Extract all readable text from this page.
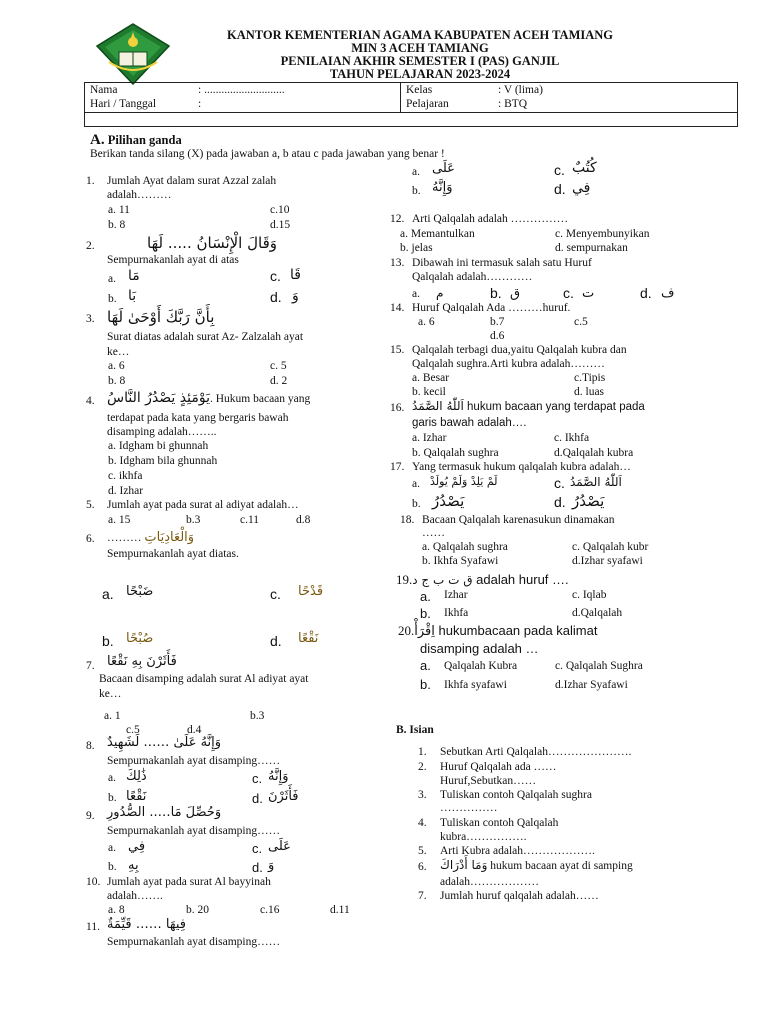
KANTOR KEMENTERIAN AGAMA KABUPATEN ACEH TAMIANG
MIN 3 ACEH TAMIANG
PENILAIAN AKHIR SEMESTER I (PAS) GANJIL
TAHUN PELAJARAN 2023-2024
Nama	: ............................
Hari / Tanggal	:
Kelas	: V (lima)
Pelajaran	: BTQ
A. Pilihan ganda
Berikan tanda silang (X) pada jawaban a, b atau c pada jawaban yang benar !
1. Jumlah Ayat dalam surat Azzal zalah
adalah………
a. 11	c.10
b. 8	d.15
2.	وَقَالَ الْإِنْسَانُ ..... لَهَا
Sempurnakanlah ayat di atas
a. مَا	c. قَا
b. بَا	d. وَ
3. بِأَنَّ رَبَّكَ أَوْحَىٰ لَهَا
Surat diatas adalah surat Az- Zalzalah ayat
ke…
a. 6	c. 5
b. 8	d. 2
4. يَوْمَئِذٍ يَصْدُرُ النَّاسُ. Hukum bacaan yang
terdapat pada kata yang bergaris bawah
disamping adalah……..
a. Idgham bi ghunnah
b. Idgham bila ghunnah
c. ikhfa
d. Izhar
5. Jumlah ayat pada surat al adiyat adalah…
a. 15	b.3	c.11	d.8
6. ……… وَالْعَادِيَاتِ
Sempurnakanlah ayat diatas.
a. ضَبْحًا	c. قَدْحًا
b. صُبْحًا	d. نَقْعًا
7. فَأَثَرْنَ بِهِ نَقْعًا
Bacaan disamping adalah surat Al adiyat ayat
ke…
a. 1	b.3
c.5	d.4
8. وَإِنَّهُ عَلَىٰ …… لَشَهِيدٌ
Sempurnakanlah ayat disamping……
a. ذَٰلِكَ	c. وَإِنَّهُ
b. نَقْعًا	d. فَأَثَرْنَ
9. وَحُصِّلَ مَا….. الصُّدُورِ
Sempurnakanlah ayat disamping……
a. فِي	c. عَلَى
b. بِهِ	d. وَ
10. Jumlah ayat pada surat Al bayyinah
adalah…….
a. 8	b. 20	c.16	d.11
11. فِيهَا …… قَيِّمَةٌ
Sempurnakanlah ayat disamping……
a. عَلَى	c. كُتُبٌ
b. وَإِنَّهُ	d. فِي
12. Arti Qalqalah adalah ……………
a. Memantulkan	c. Menyembunyikan
b. jelas	d. sempurnakan
13. Dibawah ini termasuk salah satu Huruf
Qalqalah adalah…………
a. م	b. ق	c. ت	d. ف
14. Huruf Qalqalah Ada ………huruf.
a. 6	b.7	c.5
d.6
15. Qalqalah terbagi dua,yaitu Qalqalah kubra dan
Qalqalah sughra.Arti kubra adalah………
a. Besar	c.Tipis
b. kecil	d. luas
16. اَللّٰهُ الصَّمَدُ hukum bacaan yang terdapat pada
garis bawah adalah….
a. Izhar	c. Ikhfa
b. Qalqalah sughra	d.Qalqalah kubra
17. Yang termasuk hukum qalqalah kubra adalah…
a. لَمْ يَلِدْ وَلَمْ يُولَدْ	c. اَللّٰهُ الصَّمَدُ
b. يَصْدُرُ	d. يَصْدُرُ
18. Bacaan Qalqalah karenasukun dinamakan
……
a. Qalqalah sughra	c. Qalqalah kubr
b. Ikhfa Syafawi	d.Izhar syafawi
19.ق ت ب ج د adalah huruf ….
a. Izhar	c. Iqlab
b. Ikhfa	d.Qalqalah
20.اِقْرَأْ hukumbacaan pada kalimat
disamping adalah …
a. Qalqalah Kubra	c. Qalqalah Sughra
b. Ikhfa syafawi	d.Izhar Syafawi
B. Isian
1. Sebutkan Arti Qalqalah………………….
2. Huruf Qalqalah ada ……
Huruf,Sebutkan……
3. Tuliskan contoh Qalqalah sughra
……………
4. Tuliskan contoh Qalqalah
kubra…………….
5. Arti Kubra adalah……………….
6. وَمَا أَدْرَاكَ hukum bacaan ayat di samping
adalah………………
7. Jumlah huruf qalqalah adalah……
